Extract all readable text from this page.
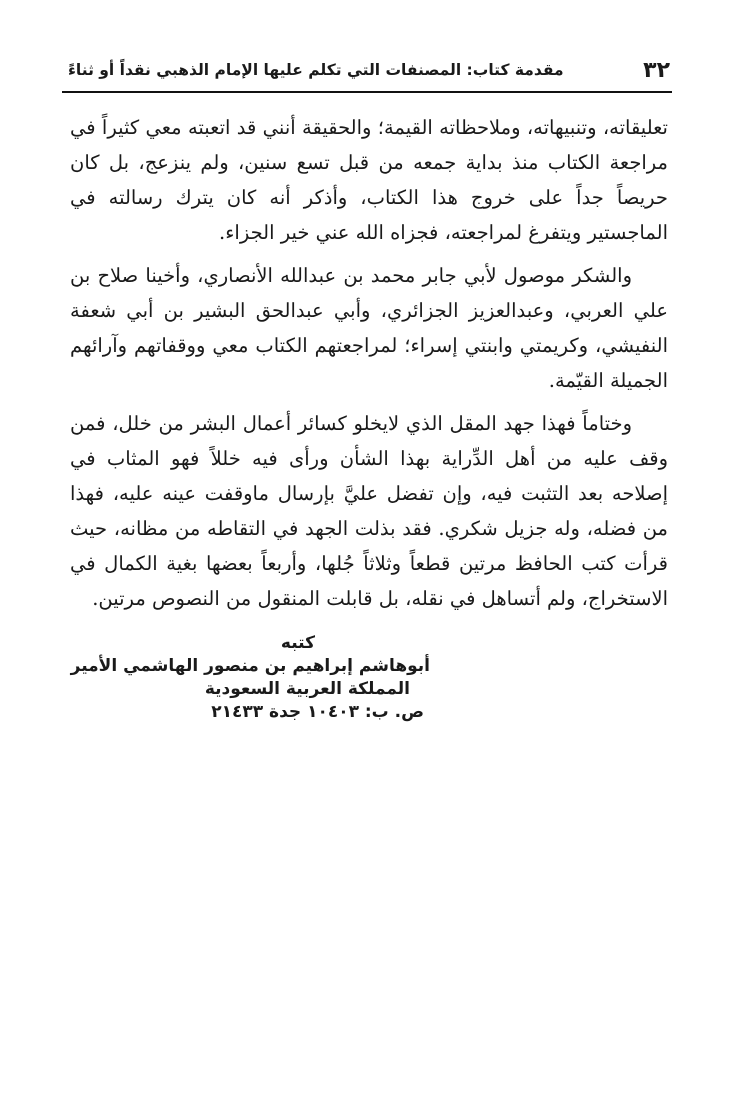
٣٢
مقدمة كتاب: المصنفات التي تكلم عليها الإمام الذهبي نقداً أو ثناءً

تعليقاته، وتنبيهاته، وملاحظاته القيمة؛ والحقيقة أنني قد اتعبته معي كثيراً في مراجعة الكتاب منذ بداية جمعه من قبل تسع سنين، ولم ينزعج، بل كان حريصاً جداً على خروج هذا الكتاب، وأذكر أنه كان يترك رسالته في الماجستير ويتفرغ لمراجعته، فجزاه الله عني خير الجزاء.

والشكر موصول لأبي جابر محمد بن عبدالله الأنصاري، وأخينا صلاح بن علي العربي، وعبدالعزيز الجزائري، وأبي عبدالحق البشير بن أبي شعفة النفيشي، وكريمتي وابنتي إسراء؛ لمراجعتهم الكتاب معي ووقفاتهم وآرائهم الجميلة القيّمة.

وختاماً فهذا جهد المقل الذي لايخلو كسائر أعمال البشر من خلل، فمن وقف عليه من أهل الدِّراية بهذا الشأن ورأى فيه خللاً فهو المثاب في إصلاحه بعد التثبت فيه، وإن تفضل عليَّ بإرسال ماوقفت عينه عليه، فهذا من فضله، وله جزيل شكري. فقد بذلت الجهد في التقاطه من مظانه، حيث قرأت كتب الحافظ مرتين قطعاً وثلاثاً جُلها، وأربعاً بعضها بغية الكمال في الاستخراج، ولم أتساهل في نقله، بل قابلت المنقول من النصوص مرتين.

كتبه
أبوهاشم إبراهيم بن منصور الهاشمي الأمير
المملكة العربية السعودية
ص. ب: ١٠٤٠٣ جدة ٢١٤٣٣
